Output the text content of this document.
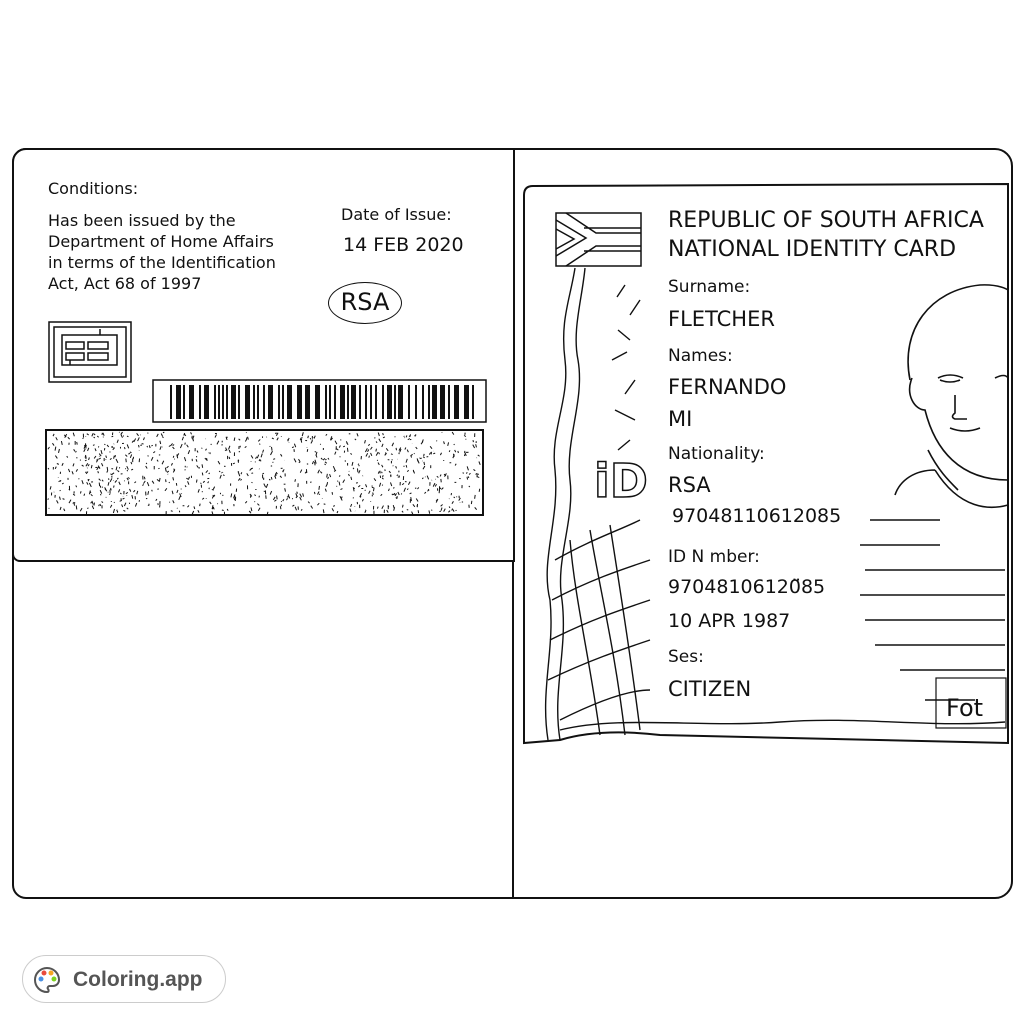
Conditions:
Has been issued by the
Department of Home Affairs
in terms of the Identification
Act, Act 68 of 1997
Date of Issue:
14 FEB 2020
RSA
iD
REPUBLIC OF SOUTH AFRICA
NATIONAL IDENTITY CARD
Surname:
FLETCHER
Names:
FERNANDO
MI
Nationality:
RSA
97048110612085
ID N mber:
97048106120̈85
10 APR 1987
Ses:
CITIZEN
Fot
Coloring.app
